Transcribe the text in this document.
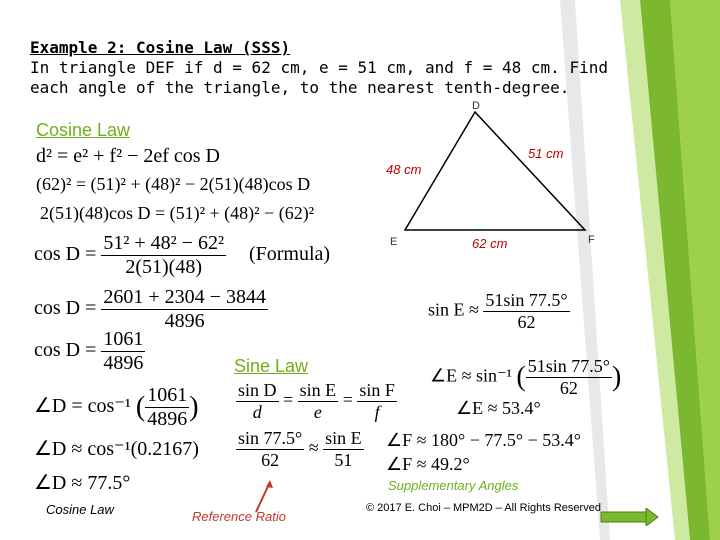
Example 2: Cosine Law (SSS)
In triangle DEF if d = 62 cm, e = 51 cm, and f = 48 cm. Find
each angle of the triangle, to the nearest tenth-degree.
D
E	F
48 cm
51 cm
62 cm
Cosine Law
d² = e² + f² − 2ef cos D
(62)² = (51)² + (48)² − 2(51)(48)cos D
2(51)(48)cos D = (51)² + (48)² − (62)²
$\cos D = \frac{\text{51² + 48² − 62²}}{2(51)(48)}$ (Formula)
$\cos D = \frac{2601 + 2304 - 3844}{4896}$
$\cos D = \frac{1061}{4896}$
∠D = cos⁻¹ ( $\frac{1061}{4896}$ )
∠D ≈ cos⁻¹(0.2167)
∠D ≈ 77.5°
Sine Law
$\frac{\text{sin D}}{d} = \frac{\text{sin E}}{e} = \frac{\text{sin F}}{f}$
$\frac{\sin 77.5^\circ}{62} \approx \frac{\text{sin E}}{51}$
$\sin E \approx \frac{51\sin 77.5^\circ}{62}$
∠E ≈ sin⁻¹ ( $\frac{51\sin 77.5^\circ}{62}$ )
∠E ≈ 53.4°
∠F ≈ 180° − 77.5° − 53.4°
∠F ≈ 49.2°
Supplementary Angles
Reference Ratio
Cosine Law	© 2017 E. Choi – MPM2D – All Rights Reserved
